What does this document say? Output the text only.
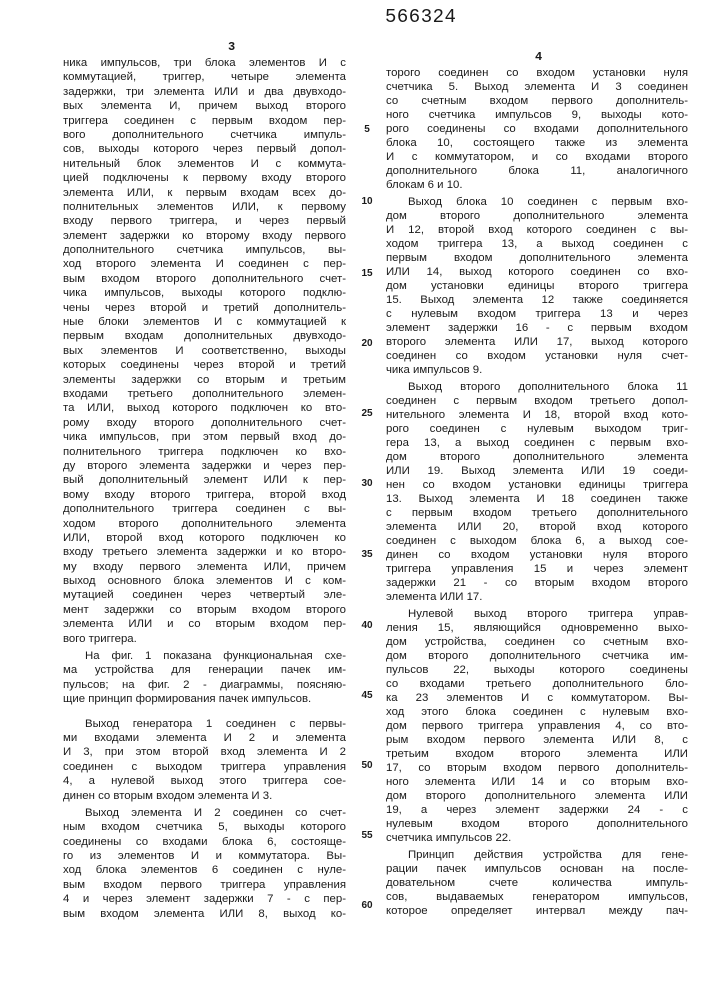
566324
3
4
ника импульсов, три блока элементов И с
коммутацией, триггер, четыре элемента
задержки, три элемента ИЛИ и два двувходо-
вых элемента И, причем выход второго
триггера соединен с первым входом пер-
вого дополнительного счетчика импуль-
сов, выходы которого через первый допол-
нительный блок элементов И с коммута-
цией подключены к первому входу второго
элемента ИЛИ, к первым входам всех до-
полнительных элементов ИЛИ, к первому
входу первого триггера, и через первый
элемент задержки ко второму входу первого
дополнительного счетчика импульсов, вы-
ход второго элемента И соединен с пер-
вым входом второго дополнительного счет-
чика импульсов, выходы которого подклю-
чены через второй и третий дополнитель-
ные блоки элементов И с коммутацией к
первым входам дополнительных двувходо-
вых элементов И соответственно, выходы
которых соединены через второй и третий
элементы задержки со вторым и третьим
входами третьего дополнительного элемен-
та ИЛИ, выход которого подключен ко вто-
рому входу второго дополнительного счет-
чика импульсов, при этом первый вход до-
полнительного триггера подключен ко вхо-
ду второго элемента задержки и через пер-
вый дополнительный элемент ИЛИ к пер-
вому входу второго триггера, второй вход
дополнительного триггера соединен с вы-
ходом второго дополнительного элемента
ИЛИ, второй вход которого подключен ко
входу третьего элемента задержки и ко второ-
му входу первого элемента ИЛИ, причем
выход основного блока элементов И с ком-
мутацией соединен через четвертый эле-
мент задержки со вторым входом второго
элемента ИЛИ и со вторым входом пер-
вого триггера.
На фиг. 1 показана функциональная схе-
ма устройства для генерации пачек им-
пульсов; на фиг. 2 - диаграммы, поясняю-
щие принцип формирования пачек импульсов.
Выход генератора 1 соединен с первы-
ми входами элемента И 2 и элемента
И 3, при этом второй вход элемента И 2
соединен с выходом триггера управления
4, а нулевой выход этого триггера сое-
динен со вторым входом элемента И 3.
Выход элемента И 2 соединен со счет-
ным входом счетчика 5, выходы которого
соединены со входами блока 6, состояще-
го из элементов И и коммутатора. Вы-
ход блока элементов 6 соединен с нуле-
вым входом первого триггера управления
4 и через элемент задержки 7 - с пер-
вым входом элемента ИЛИ 8, выход ко-
торого соединен со входом установки нуля
счетчика 5. Выход элемента И 3 соединен
со счетным входом первого дополнитель-
ного счетчика импульсов 9, выходы кото-
рого соединены со входами дополнительного
блока 10, состоящего также из элемента
И с коммутатором, и со входами второго
дополнительного блока 11, аналогичного
блокам 6 и 10.
Выход блока 10 соединен с первым вхо-
дом второго дополнительного элемента
И 12, второй вход которого соединен с вы-
ходом триггера 13, а выход соединен с
первым входом дополнительного элемента
ИЛИ 14, выход которого соединен со вхо-
дом установки единицы второго триггера
15. Выход элемента 12 также соединяется
с нулевым входом триггера 13 и через
элемент задержки 16 - с первым входом
второго элемента ИЛИ 17, выход которого
соединен со входом установки нуля счет-
чика импульсов 9.
Выход второго дополнительного блока 11
соединен с первым входом третьего допол-
нительного элемента И 18, второй вход кото-
рого соединен с нулевым выходом триг-
гера 13, а выход соединен с первым вхо-
дом второго дополнительного элемента
ИЛИ 19. Выход элемента ИЛИ 19 соеди-
нен со входом установки единицы триггера
13. Выход элемента И 18 соединен также
с первым входом третьего дополнительного
элемента ИЛИ 20, второй вход которого
соединен с выходом блока 6, а выход сое-
динен со входом установки нуля второго
триггера управления 15 и через элемент
задержки 21 - со вторым входом второго
элемента ИЛИ 17.
Нулевой выход второго триггера управ-
ления 15, являющийся одновременно выхо-
дом устройства, соединен со счетным вхо-
дом второго дополнительного счетчика им-
пульсов 22, выходы которого соединены
со входами третьего дополнительного бло-
ка 23 элементов И с коммутатором. Вы-
ход этого блока соединен с нулевым вхо-
дом первого триггера управления 4, со вто-
рым входом первого элемента ИЛИ 8, с
третьим входом второго элемента ИЛИ
17, со вторым входом первого дополнитель-
ного элемента ИЛИ 14 и со вторым вхо-
дом второго дополнительного элемента ИЛИ
19, а через элемент задержки 24 - с
нулевым входом второго дополнительного
счетчика импульсов 22.
Принцип действия устройства для гене-
рации пачек импульсов основан на после-
довательном счете количества импуль-
сов, выдаваемых генератором импульсов,
которое определяет интервал между пач-
5
10
15
20
25
30
35
40
45
50
55
60
